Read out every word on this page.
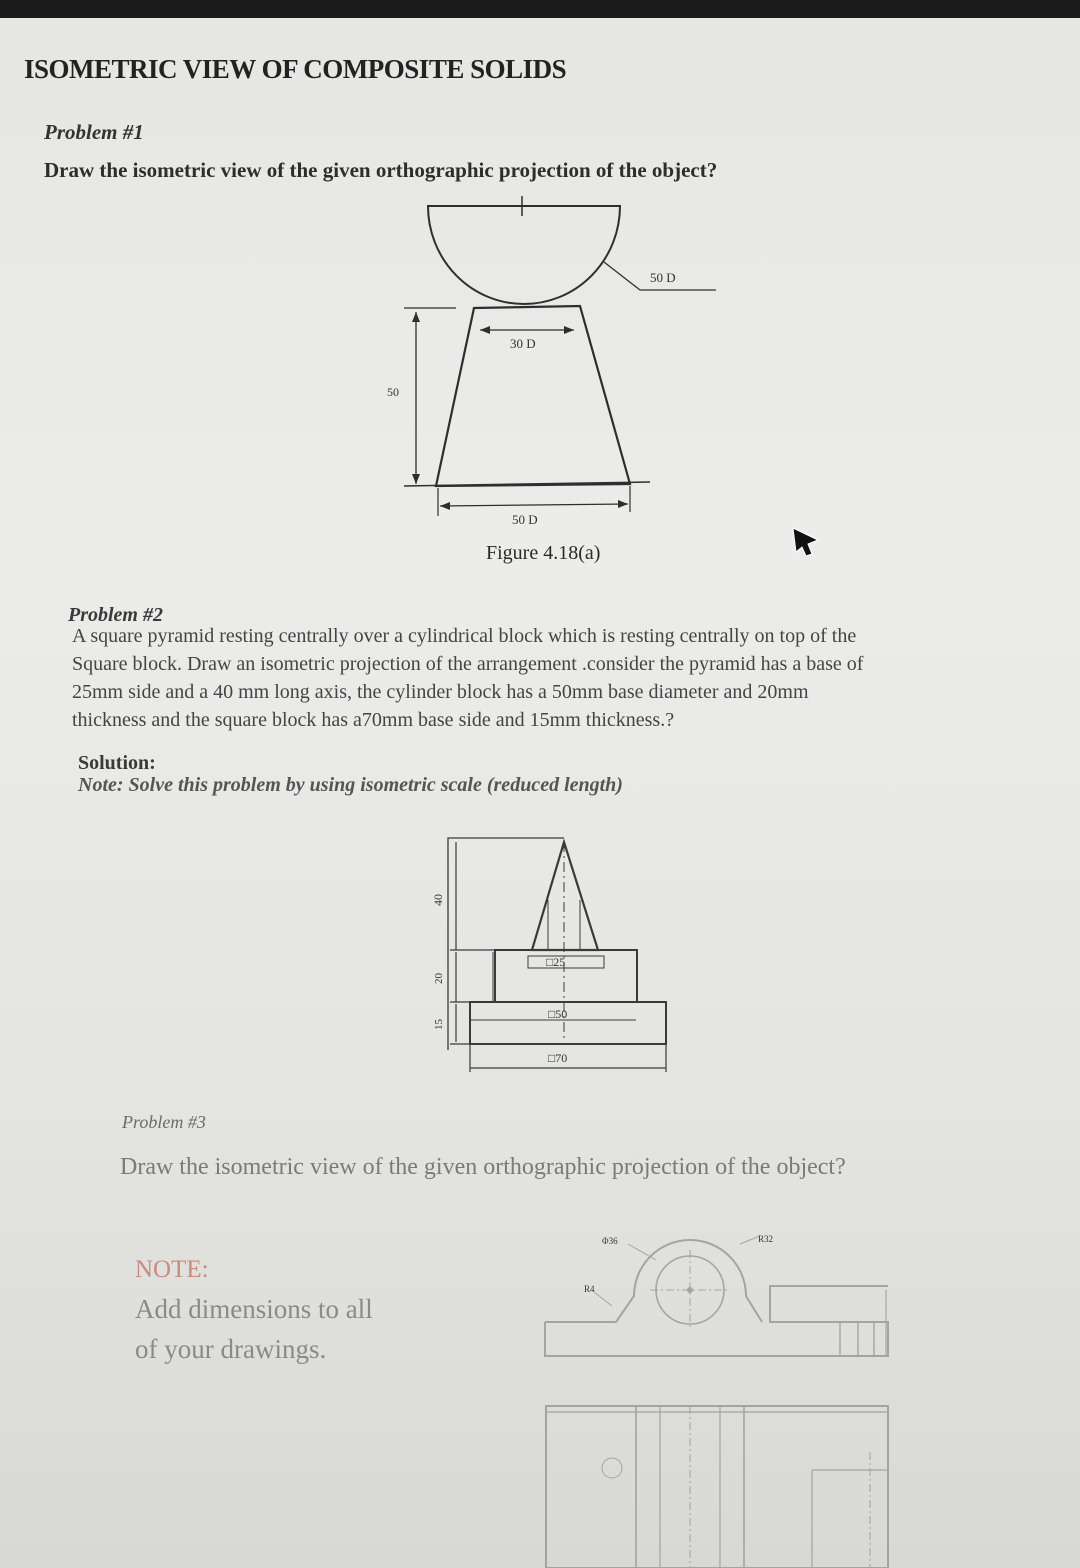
ISOMETRIC VIEW OF COMPOSITE SOLIDS
Problem #1
Draw the isometric view of the given orthographic projection of the object?
50 D
30 D
50
50 D
40
20
15
□25
□50
□70
Φ36	R32
R4
Figure 4.18(a)
Problem #2
A square pyramid resting centrally over a cylindrical block which is resting centrally on top of the
Square block. Draw an isometric projection of the arrangement .consider the pyramid has a base of
25mm side and a 40 mm long axis, the cylinder block has a 50mm base diameter and 20mm
thickness and the square block has a70mm base side and 15mm thickness.?
Solution:
Note: Solve this problem by using isometric scale (reduced length)
Problem #3
Draw the isometric view of the given orthographic projection of the object?
NOTE:
Add dimensions to all
of your drawings.
